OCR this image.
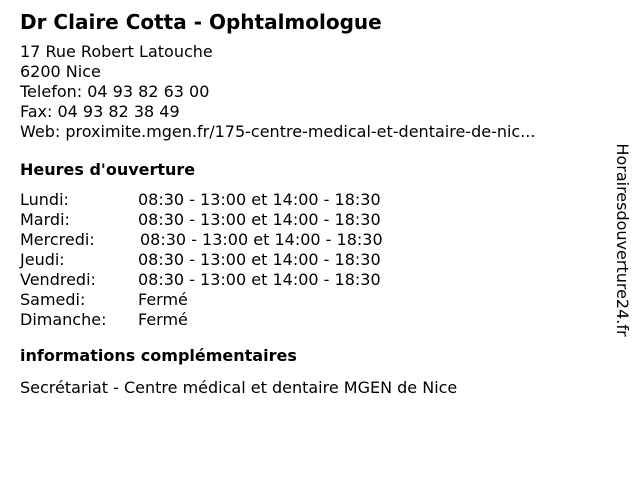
Dr Claire Cotta - Ophtalmologue
17 Rue Robert Latouche
6200 Nice
Telefon: 04 93 82 63 00
Fax: 04 93 82 38 49
Web: proximite.mgen.fr/175-centre-medical-et-dentaire-de-nic...
Heures d'ouverture
Lundi:	08:30 - 13:00 et 14:00 - 18:30
Mardi:	08:30 - 13:00 et 14:00 - 18:30
Mercredi:	08:30 - 13:00 et 14:00 - 18:30
Jeudi:	08:30 - 13:00 et 14:00 - 18:30
Vendredi:	08:30 - 13:00 et 14:00 - 18:30
Samedi:	Fermé
Dimanche:	Fermé
informations complémentaires
Secrétariat - Centre médical et dentaire MGEN de Nice
Horairesdouverture24.fr
